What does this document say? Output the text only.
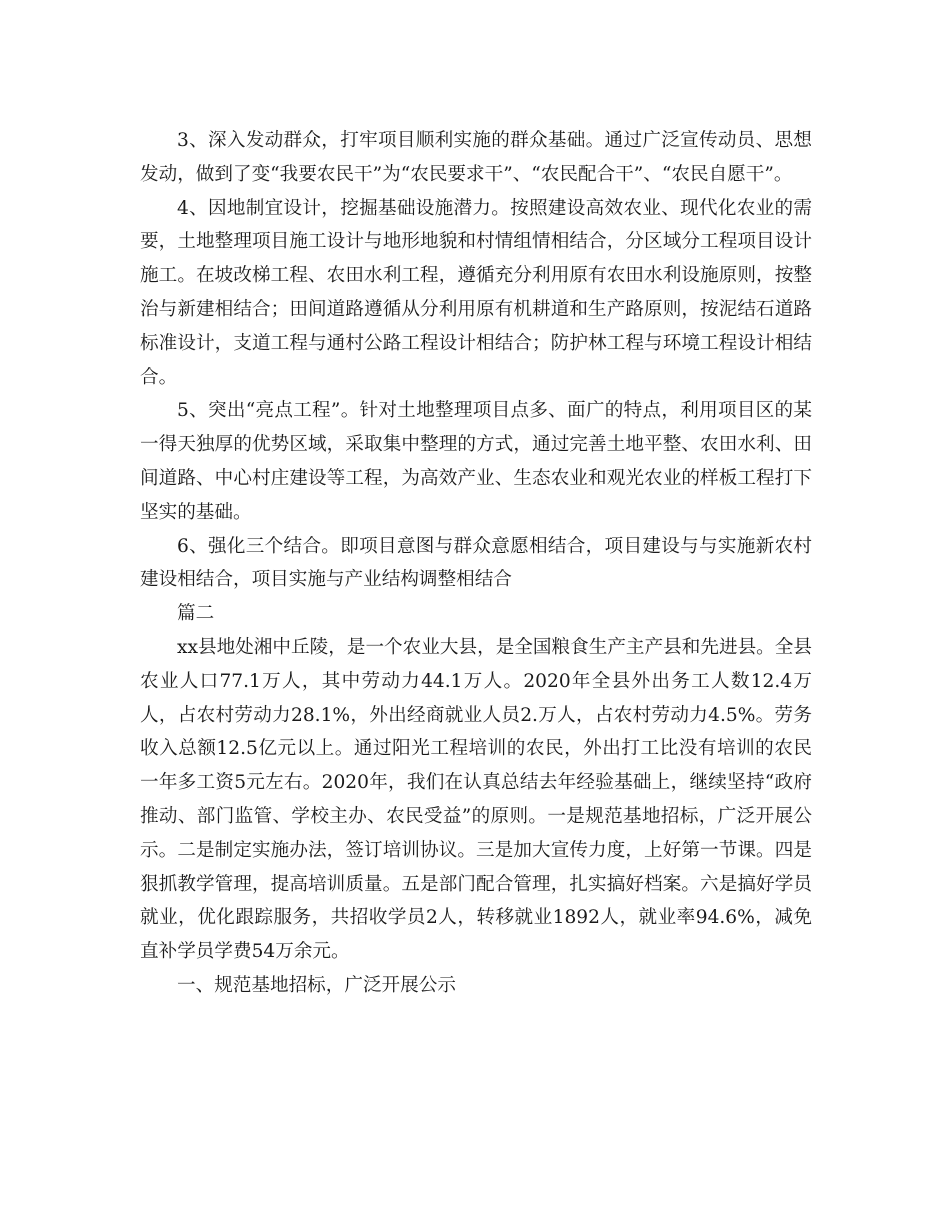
3、深入发动群众，打牢项目顺利实施的群众基础。通过广泛宣传动员、思想发动，做到了变“我要农民干”为“农民要求干”、“农民配合干”、“农民自愿干”。

4、因地制宜设计，挖掘基础设施潜力。按照建设高效农业、现代化农业的需要，土地整理项目施工设计与地形地貌和村情组情相结合，分区域分工程项目设计施工。在坡改梯工程、农田水利工程，遵循充分利用原有农田水利设施原则，按整治与新建相结合；田间道路遵循从分利用原有机耕道和生产路原则，按泥结石道路标准设计，支道工程与通村公路工程设计相结合；防护林工程与环境工程设计相结合。

5、突出“亮点工程”。针对土地整理项目点多、面广的特点，利用项目区的某一得天独厚的优势区域，采取集中整理的方式，通过完善土地平整、农田水利、田间道路、中心村庄建设等工程，为高效产业、生态农业和观光农业的样板工程打下坚实的基础。

6、强化三个结合。即项目意图与群众意愿相结合，项目建设与与实施新农村建设相结合，项目实施与产业结构调整相结合

篇二

xx县地处湘中丘陵，是一个农业大县，是全国粮食生产主产县和先进县。全县农业人口77.1万人，其中劳动力44.1万人。2020年全县外出务工人数12.4万人，占农村劳动力28.1%，外出经商就业人员2.万人，占农村劳动力4.5%。劳务收入总额12.5亿元以上。通过阳光工程培训的农民，外出打工比没有培训的农民一年多工资5元左右。2020年，我们在认真总结去年经验基础上，继续坚持“政府推动、部门监管、学校主办、农民受益”的原则。一是规范基地招标，广泛开展公示。二是制定实施办法，签订培训协议。三是加大宣传力度，上好第一节课。四是狠抓教学管理，提高培训质量。五是部门配合管理，扎实搞好档案。六是搞好学员就业，优化跟踪服务，共招收学员2人，转移就业1892人，就业率94.6%，减免直补学员学费54万余元。

一、规范基地招标，广泛开展公示
